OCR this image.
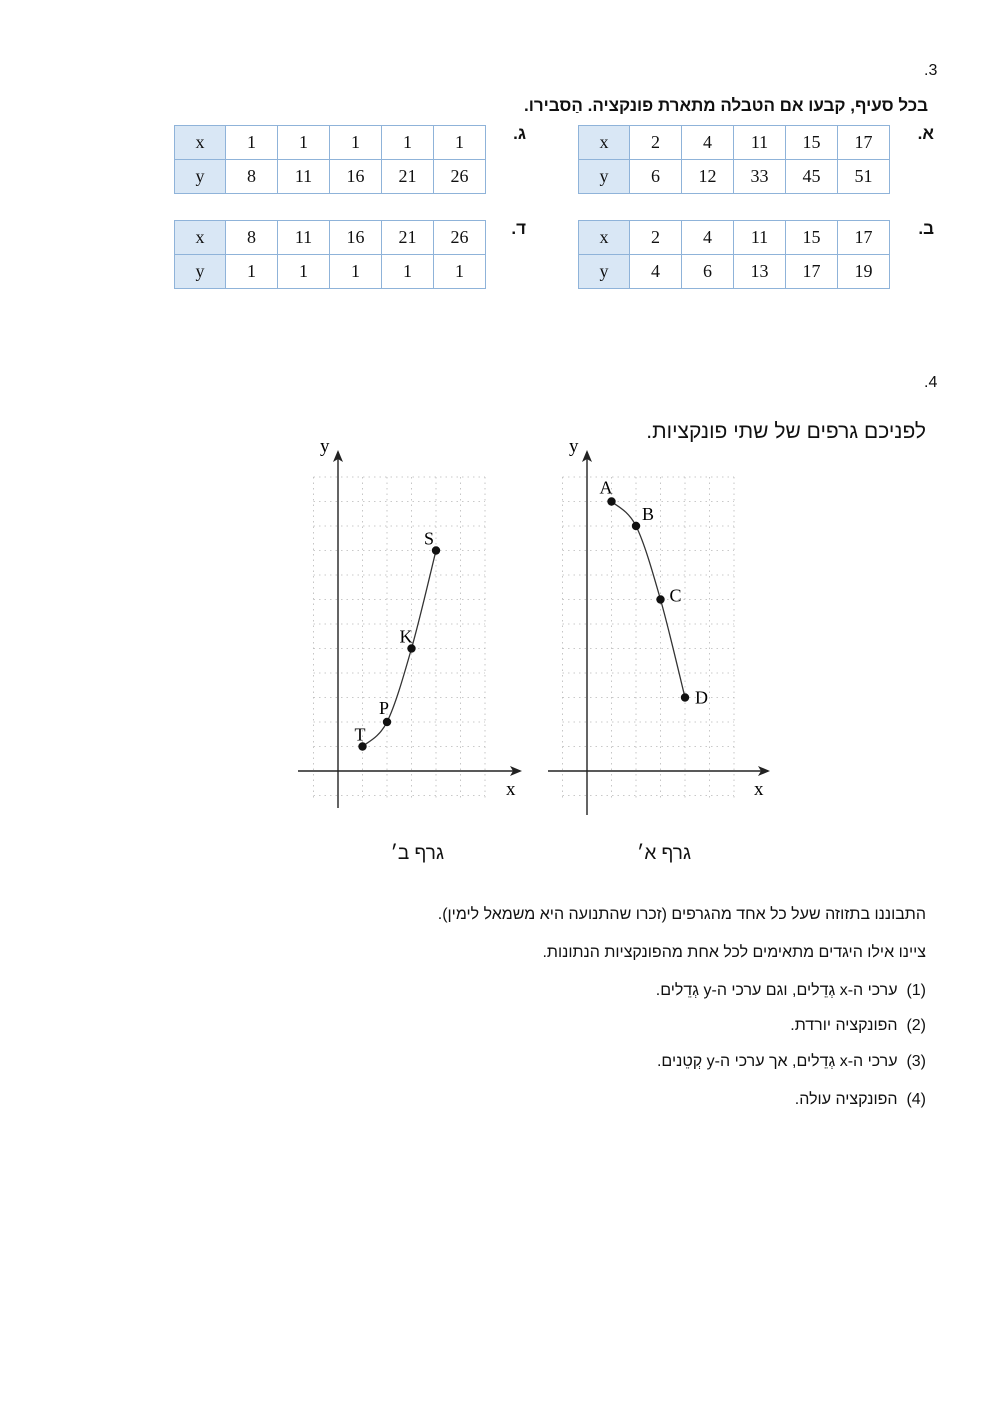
.3
בכל סעיף, קבעו אם הטבלה מתארת פונקציה. הַסבירו.
א.
x	2	4	11	15	17
y	6	12	33	45	51
ב.
x	2	4	11	15	17
y	4	6	13	17	19
ג.
x	1	1	1	1	1
y	8	11	16	21	26
ד.
x	8	11	16	21	26
y	1	1	1	1	1
.4
לפניכם גרפים של שתי פונקציות.
y
x
T
P
K
S
y
x
A
B
C
D
גרף ב׳	גרף א׳
התבוננו בתזוזה שעל כל אחד מהגרפים (זכרו שהתנועה היא משמאל לימין).
ציינו אילו היגדים מתאימים לכל אחת מהפונקציות הנתונות.
(1)  ערכי ה-x גְדֵלים, וגם ערכי ה-y גְדֵלים.
(2)  הפונקציה יורדת.
(3)  ערכי ה-x גְדֵלים, אך ערכי ה-y קְטֵנים.
(4)  הפונקציה עולה.
